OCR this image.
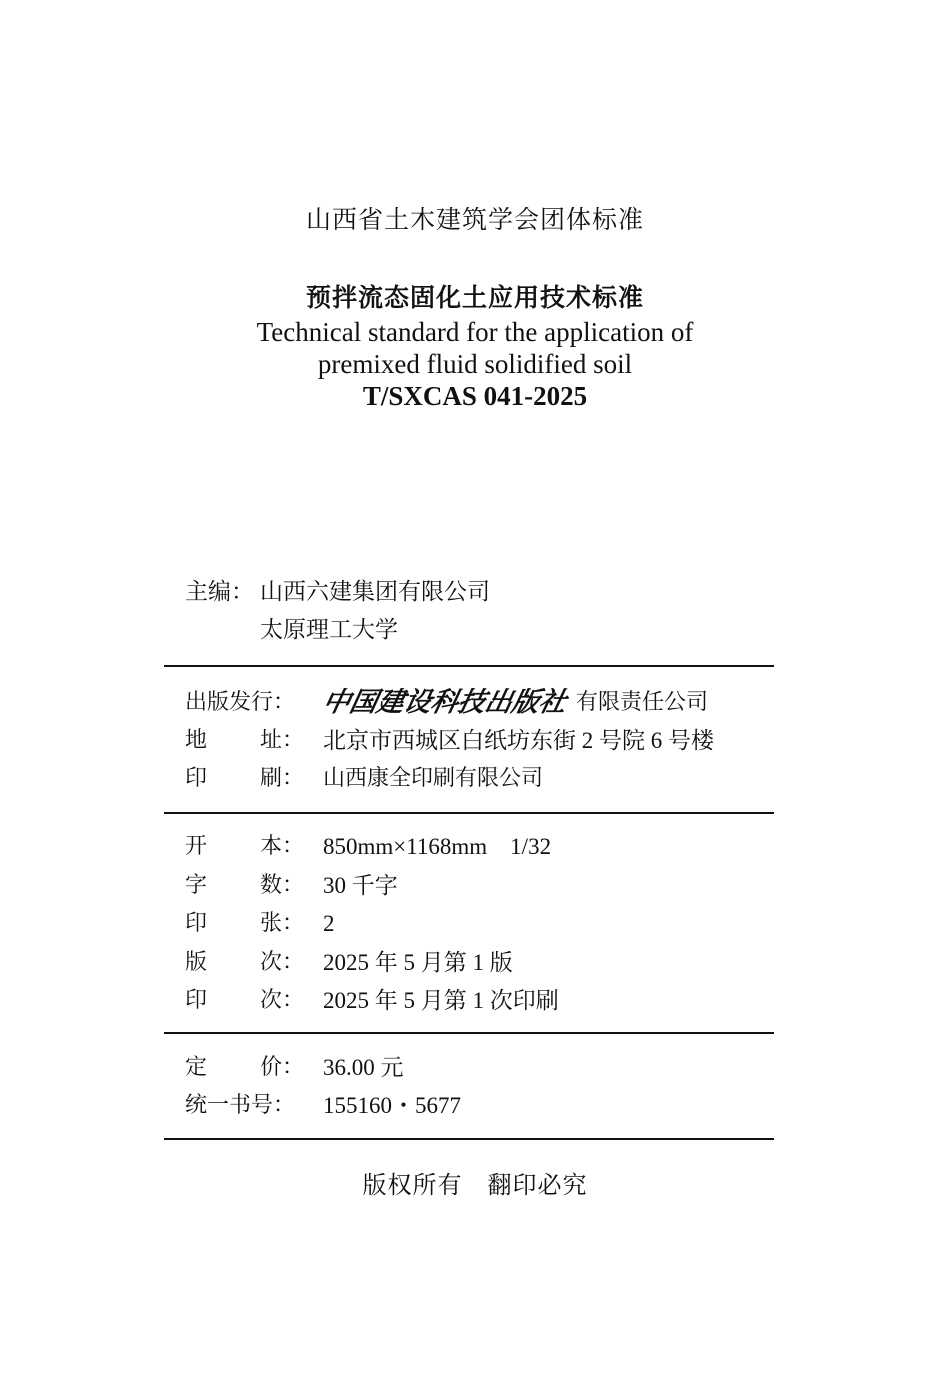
山西省土木建筑学会团体标准
预拌流态固化土应用技术标准
Technical standard for the application of
premixed fluid solidified soil
T/SXCAS 041-2025
主编： 山西六建集团有限公司
太原理工大学
出版发行： 中国建设科技出版社 有限责任公司
地	址： 北京市西城区白纸坊东街 2 号院 6 号楼
印	刷： 山西康全印刷有限公司
开	本： 850mm×1168mm　1/32
字	数： 30 千字
印	张： 2
版	次： 2025 年 5 月第 1 版
印	次： 2025 年 5 月第 1 次印刷
定	价： 36.00 元
统一书号： 155160・5677
版权所有　翻印必究
